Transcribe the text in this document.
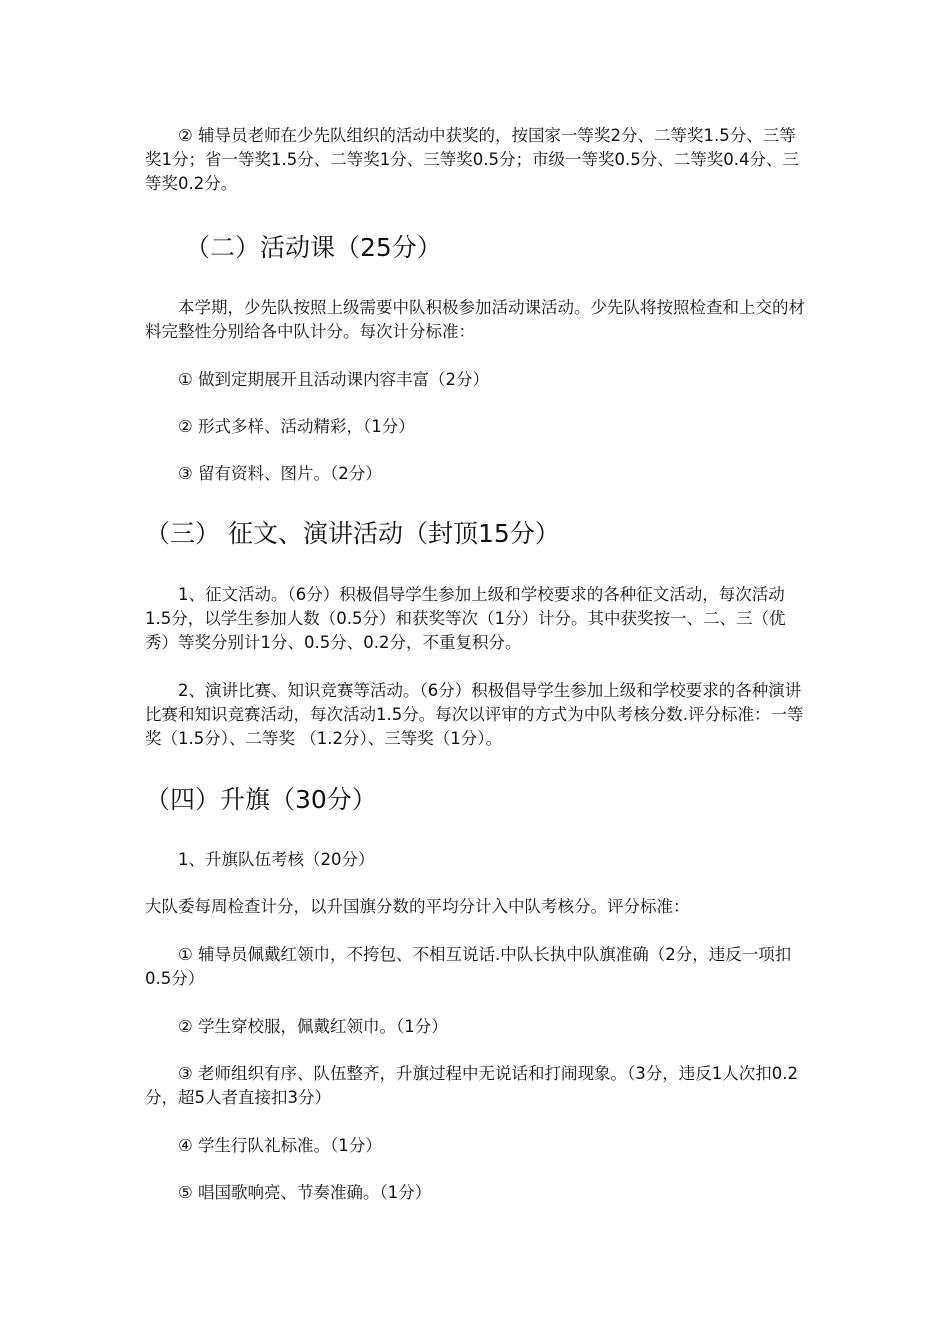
② 辅导员老师在少先队组织的活动中获奖的，按国家一等奖2分、二等奖1.5分、三等奖1分；省一等奖1.5分、二等奖1分、三等奖0.5分；市级一等奖0.5分、二等奖0.4分、三等奖0.2分。

（二）活动课（25分）

本学期，少先队按照上级需要中队积极参加活动课活动。少先队将按照检查和上交的材料完整性分别给各中队计分。每次计分标准：

① 做到定期展开且活动课内容丰富（2分）

② 形式多样、活动精彩，（1分）

③ 留有资料、图片。（2分）

（三） 征文、演讲活动（封顶15分）

1、征文活动。（6分）积极倡导学生参加上级和学校要求的各种征文活动，每次活动1.5分，以学生参加人数（0.5分）和获奖等次（1分）计分。其中获奖按一、二、三（优秀）等奖分别计1分、0.5分、0.2分，不重复积分。

2、演讲比赛、知识竞赛等活动。（6分）积极倡导学生参加上级和学校要求的各种演讲比赛和知识竞赛活动，每次活动1.5分。每次以评审的方式为中队考核分数.评分标准：一等奖（1.5分）、二等奖 （1.2分）、三等奖（1分）。

（四）升旗（30分）

1、升旗队伍考核（20分）

大队委每周检查计分，以升国旗分数的平均分计入中队考核分。评分标准：

① 辅导员佩戴红领巾，不挎包、不相互说话.中队长执中队旗准确（2分，违反一项扣0.5分）

② 学生穿校服，佩戴红领巾。（1分）

③ 老师组织有序、队伍整齐，升旗过程中无说话和打闹现象。（3分，违反1人次扣0.2分，超5人者直接扣3分）

④ 学生行队礼标准。（1分）

⑤ 唱国歌响亮、节奏准确。（1分）
